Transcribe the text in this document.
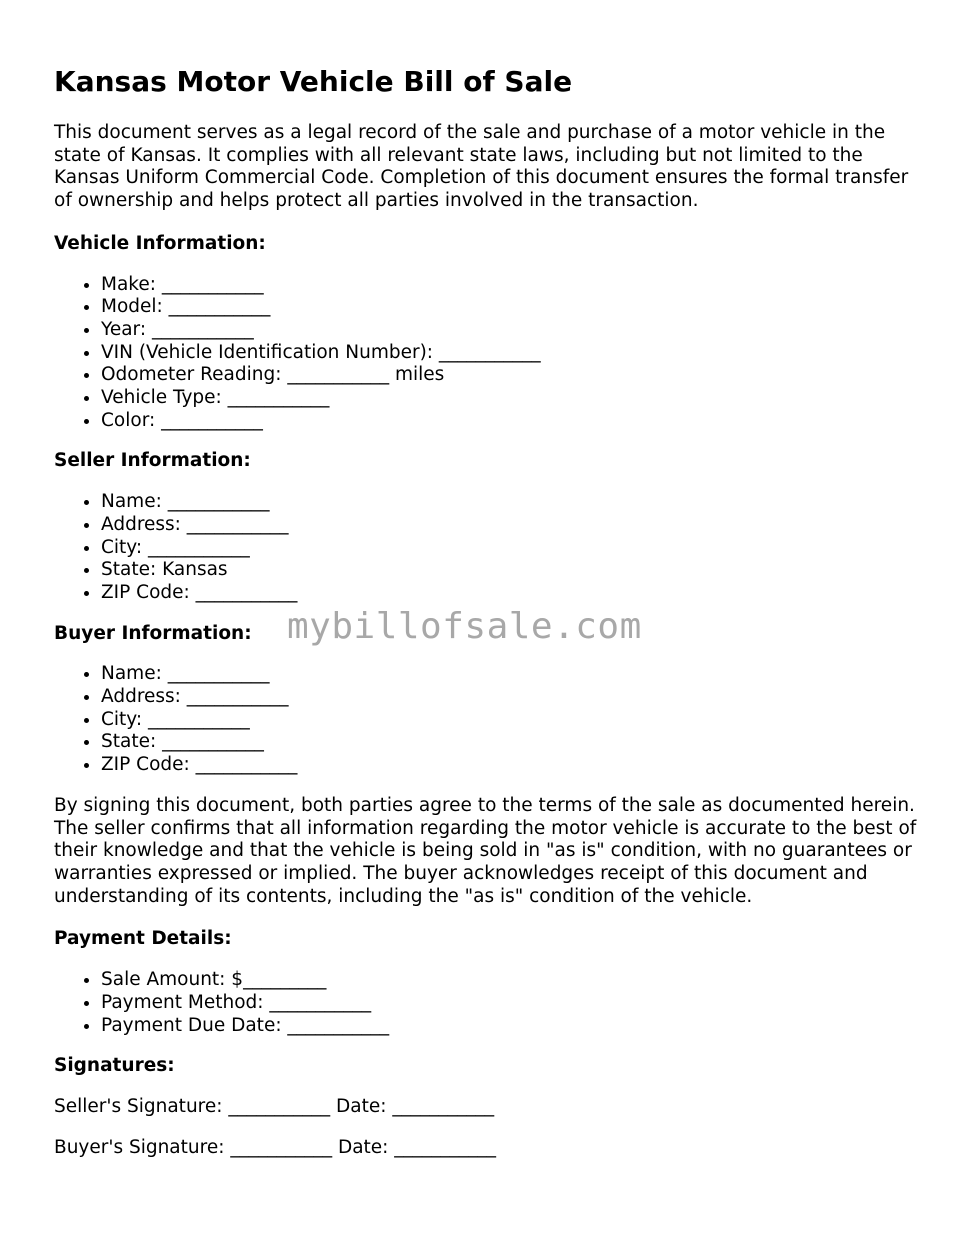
Kansas Motor Vehicle Bill of Sale

This document serves as a legal record of the sale and purchase of a motor vehicle in the state of Kansas. It complies with all relevant state laws, including but not limited to the Kansas Uniform Commercial Code. Completion of this document ensures the formal transfer of ownership and helps protect all parties involved in the transaction.

Vehicle Information:
• Make: ___________
• Model: ___________
• Year: ___________
• VIN (Vehicle Identification Number): ___________
• Odometer Reading: ___________ miles
• Vehicle Type: ___________
• Color: ___________
Seller Information:
• Name: ___________
• Address: ___________
• City: ___________
• State: Kansas
• ZIP Code: ___________
Buyer Information:
• Name: ___________
• Address: ___________
• City: ___________
• State: ___________
• ZIP Code: ___________

By signing this document, both parties agree to the terms of the sale as documented herein. The seller confirms that all information regarding the motor vehicle is accurate to the best of their knowledge and that the vehicle is being sold in "as is" condition, with no guarantees or warranties expressed or implied. The buyer acknowledges receipt of this document and understanding of its contents, including the "as is" condition of the vehicle.

Payment Details:
• Sale Amount: $_________
• Payment Method: ___________
• Payment Due Date: ___________
Signatures:
Seller's Signature: ___________ Date: ___________
Buyer's Signature: ___________ Date: ___________
mybillofsale.com
